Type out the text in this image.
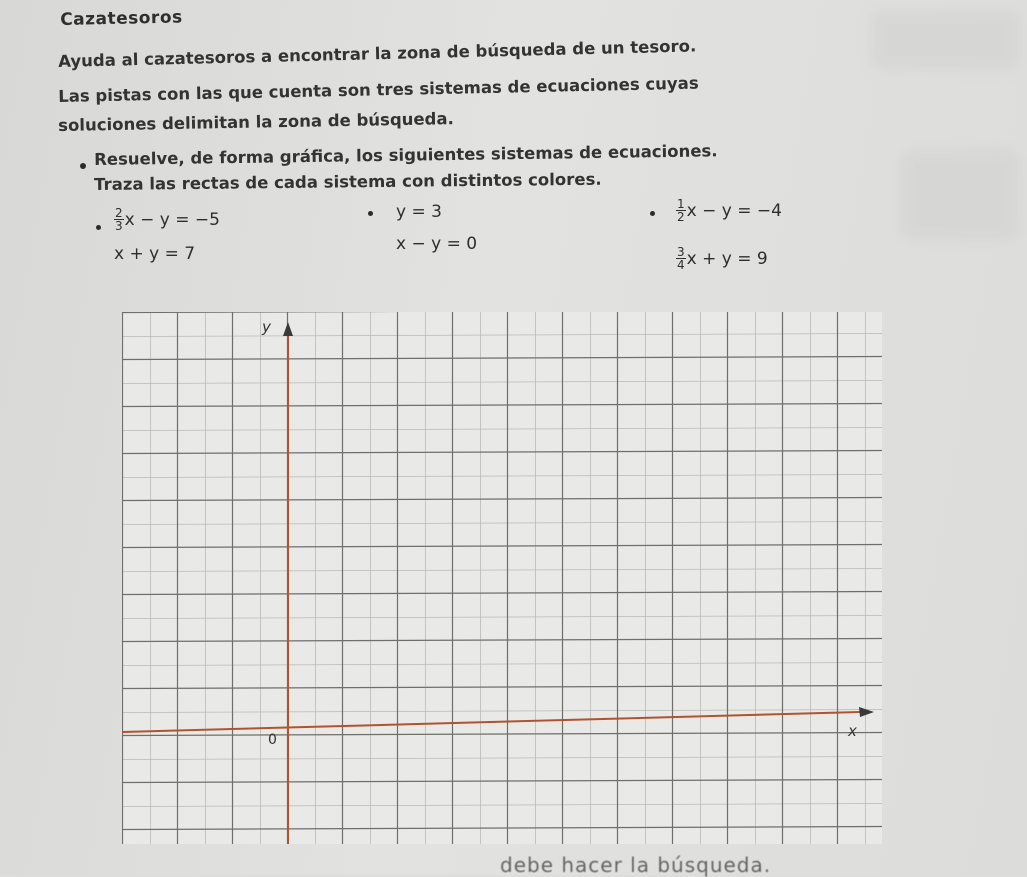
Cazatesoros
Ayuda al cazatesoros a encontrar la zona de búsqueda de un tesoro.
Las pistas con las que cuenta son tres sistemas de ecuaciones cuyas
soluciones delimitan la zona de búsqueda.
Resuelve, de forma gráfica, los siguientes sistemas de ecuaciones.
Traza las rectas de cada sistema con distintos colores.
$\frac{2}{3}$ x − y = −5
x + y = 7
y = 3
x − y = 0
$\frac{1}{2}$ x − y = −4
$\frac{3}{4}$ x + y = 9
y
x
0
debe hacer la búsqueda.
